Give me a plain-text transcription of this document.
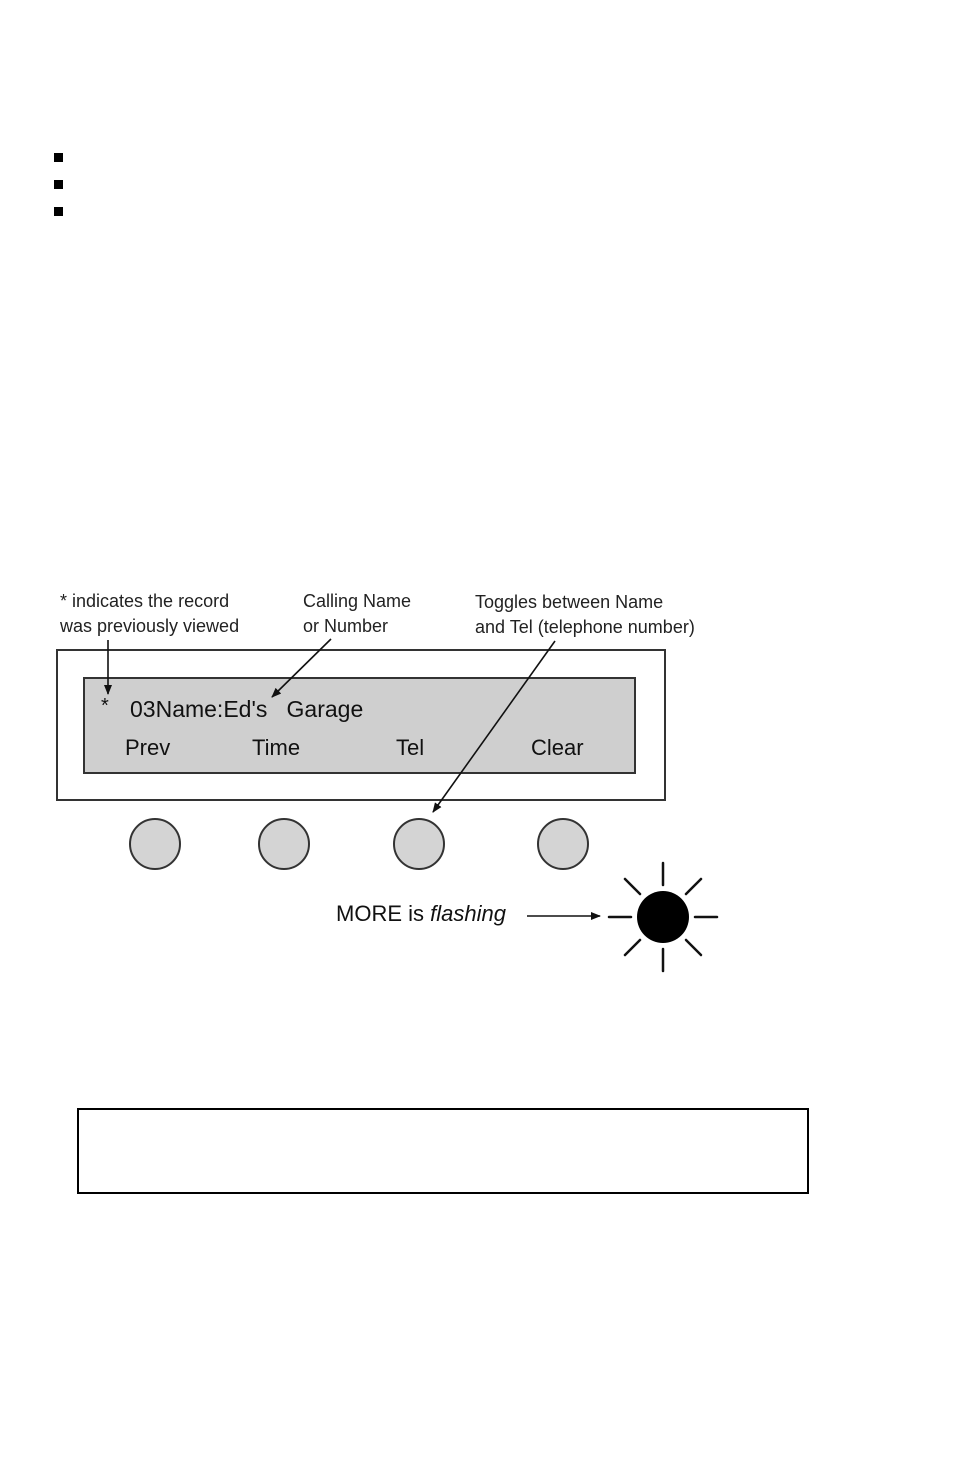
* indicates the record
was previously viewed
Calling Name
or Number
Toggles between Name
and Tel (telephone number)
* 03Name:Ed's   Garage
Prev	Time	Tel	Clear
MORE is flashing
